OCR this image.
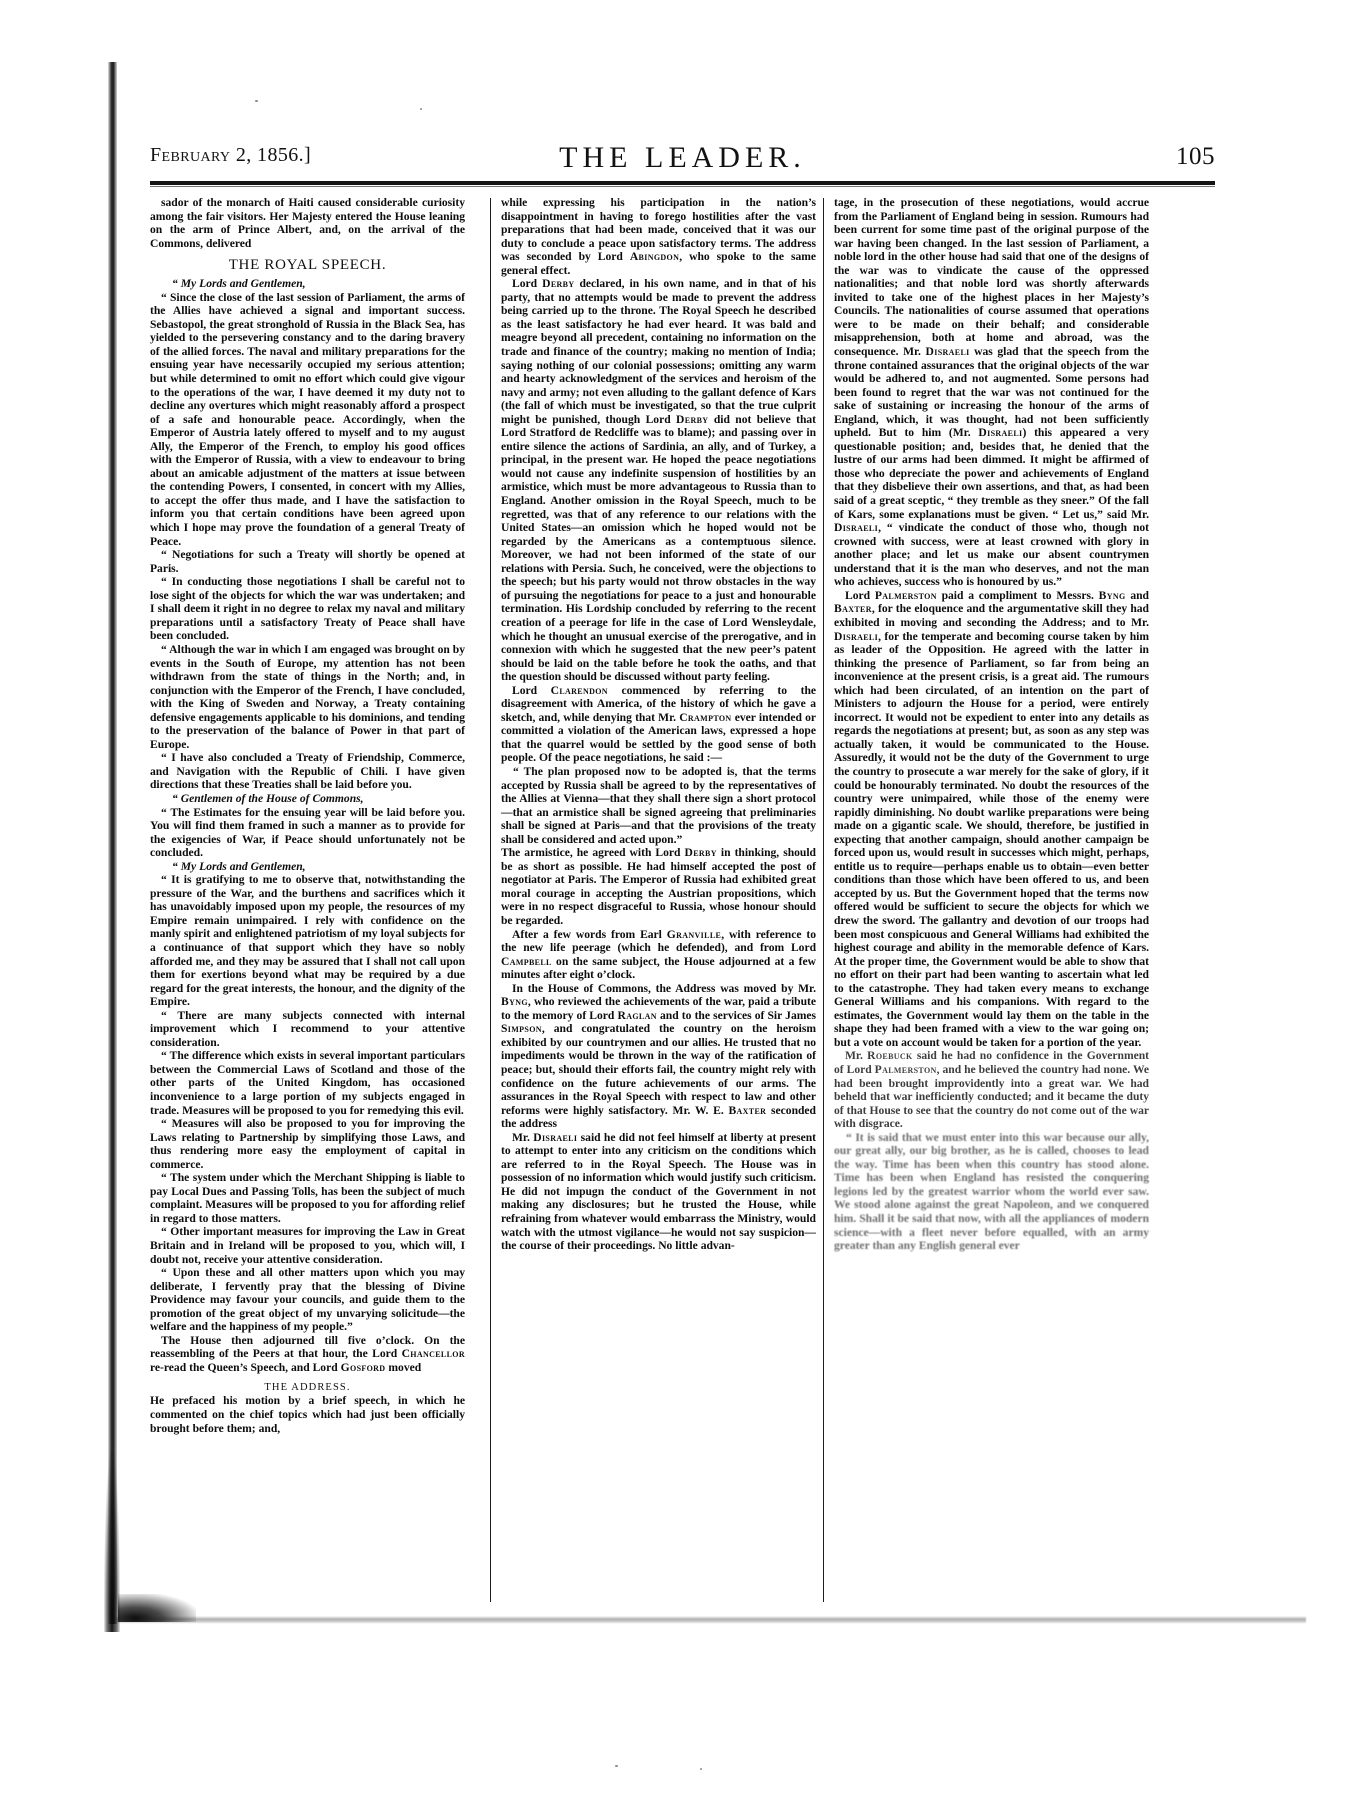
February 2, 1856.]	THE LEADER.	105

sador of the monarch of Haiti caused considerable curiosity among the fair visitors. Her Majesty entered the House leaning on the arm of Prince Albert, and, on the arrival of the Commons, delivered

THE ROYAL SPEECH.

“ My Lords and Gentlemen,

“ Since the close of the last session of Parliament, the arms of the Allies have achieved a signal and important success. Sebastopol, the great stronghold of Russia in the Black Sea, has yielded to the persevering constancy and to the daring bravery of the allied forces. The naval and military preparations for the ensuing year have necessarily occupied my serious attention; but while determined to omit no effort which could give vigour to the operations of the war, I have deemed it my duty not to decline any overtures which might reasonably afford a prospect of a safe and honourable peace. Accordingly, when the Emperor of Austria lately offered to myself and to my august Ally, the Emperor of the French, to employ his good offices with the Emperor of Russia, with a view to endeavour to bring about an amicable adjustment of the matters at issue between the contending Powers, I consented, in concert with my Allies, to accept the offer thus made, and I have the satisfaction to inform you that certain conditions have been agreed upon which I hope may prove the foundation of a general Treaty of Peace.

“ Negotiations for such a Treaty will shortly be opened at Paris.

“ In conducting those negotiations I shall be careful not to lose sight of the objects for which the war was undertaken; and I shall deem it right in no degree to relax my naval and military preparations until a satisfactory Treaty of Peace shall have been concluded.

“ Although the war in which I am engaged was brought on by events in the South of Europe, my attention has not been withdrawn from the state of things in the North; and, in conjunction with the Emperor of the French, I have concluded, with the King of Sweden and Norway, a Treaty containing defensive engagements applicable to his dominions, and tending to the preservation of the balance of Power in that part of Europe.

“ I have also concluded a Treaty of Friendship, Commerce, and Navigation with the Republic of Chili. I have given directions that these Treaties shall be laid before you.

“ Gentlemen of the House of Commons,

“ The Estimates for the ensuing year will be laid before you. You will find them framed in such a manner as to provide for the exigencies of War, if Peace should unfortunately not be concluded.

“ My Lords and Gentlemen,

“ It is gratifying to me to observe that, notwithstanding the pressure of the War, and the burthens and sacrifices which it has unavoidably imposed upon my people, the resources of my Empire remain unimpaired. I rely with confidence on the manly spirit and enlightened patriotism of my loyal subjects for a continuance of that support which they have so nobly afforded me, and they may be assured that I shall not call upon them for exertions beyond what may be required by a due regard for the great interests, the honour, and the dignity of the Empire.

“ There are many subjects connected with internal improvement which I recommend to your attentive consideration.

“ The difference which exists in several important particulars between the Commercial Laws of Scotland and those of the other parts of the United Kingdom, has occasioned inconvenience to a large portion of my subjects engaged in trade. Measures will be proposed to you for remedying this evil.

“ Measures will also be proposed to you for improving the Laws relating to Partnership by simplifying those Laws, and thus rendering more easy the employment of capital in commerce.

“ The system under which the Merchant Shipping is liable to pay Local Dues and Passing Tolls, has been the subject of much complaint. Measures will be proposed to you for affording relief in regard to those matters.

“ Other important measures for improving the Law in Great Britain and in Ireland will be proposed to you, which will, I doubt not, receive your attentive consideration.

“ Upon these and all other matters upon which you may deliberate, I fervently pray that the blessing of Divine Providence may favour your councils, and guide them to the promotion of the great object of my unvarying solicitude—the welfare and the happiness of my people.”

The House then adjourned till five o’clock. On the reassembling of the Peers at that hour, the Lord Chancellor re-read the Queen’s Speech, and Lord Gosford moved

THE ADDRESS.

He prefaced his motion by a brief speech, in which he commented on the chief topics which had just been officially brought before them; and,

while expressing his participation in the nation’s disappointment in having to forego hostilities after the vast preparations that had been made, conceived that it was our duty to conclude a peace upon satisfactory terms. The address was seconded by Lord Abingdon, who spoke to the same general effect.

Lord Derby declared, in his own name, and in that of his party, that no attempts would be made to prevent the address being carried up to the throne. The Royal Speech he described as the least satisfactory he had ever heard. It was bald and meagre beyond all precedent, containing no information on the trade and finance of the country; making no mention of India; saying nothing of our colonial possessions; omitting any warm and hearty acknowledgment of the services and heroism of the navy and army; not even alluding to the gallant defence of Kars (the fall of which must be investigated, so that the true culprit might be punished, though Lord Derby did not believe that Lord Stratford de Redcliffe was to blame); and passing over in entire silence the actions of Sardinia, an ally, and of Turkey, a principal, in the present war. He hoped the peace negotiations would not cause any indefinite suspension of hostilities by an armistice, which must be more advantageous to Russia than to England. Another omission in the Royal Speech, much to be regretted, was that of any reference to our relations with the United States—an omission which he hoped would not be regarded by the Americans as a contemptuous silence. Moreover, we had not been informed of the state of our relations with Persia. Such, he conceived, were the objections to the speech; but his party would not throw obstacles in the way of pursuing the negotiations for peace to a just and honourable termination. His Lordship concluded by referring to the recent creation of a peerage for life in the case of Lord Wensleydale, which he thought an unusual exercise of the prerogative, and in connexion with which he suggested that the new peer’s patent should be laid on the table before he took the oaths, and that the question should be discussed without party feeling.

Lord Clarendon commenced by referring to the disagreement with America, of the history of which he gave a sketch, and, while denying that Mr. Crampton ever intended or committed a violation of the American laws, expressed a hope that the quarrel would be settled by the good sense of both people. Of the peace negotiations, he said :—

“ The plan proposed now to be adopted is, that the terms accepted by Russia shall be agreed to by the representatives of the Allies at Vienna—that they shall there sign a short protocol—that an armistice shall be signed agreeing that preliminaries shall be signed at Paris—and that the provisions of the treaty shall be considered and acted upon.”

The armistice, he agreed with Lord Derby in thinking, should be as short as possible. He had himself accepted the post of negotiator at Paris. The Emperor of Russia had exhibited great moral courage in accepting the Austrian propositions, which were in no respect disgraceful to Russia, whose honour should be regarded.

After a few words from Earl Granville, with reference to the new life peerage (which he defended), and from Lord Campbell on the same subject, the House adjourned at a few minutes after eight o’clock.

In the House of Commons, the Address was moved by Mr. Byng, who reviewed the achievements of the war, paid a tribute to the memory of Lord Raglan and to the services of Sir James Simpson, and congratulated the country on the heroism exhibited by our countrymen and our allies. He trusted that no impediments would be thrown in the way of the ratification of peace; but, should their efforts fail, the country might rely with confidence on the future achievements of our arms. The assurances in the Royal Speech with respect to law and other reforms were highly satisfactory. Mr. W. E. Baxter seconded the address

Mr. Disraeli said he did not feel himself at liberty at present to attempt to enter into any criticism on the conditions which are referred to in the Royal Speech. The House was in possession of no information which would justify such criticism. He did not impugn the conduct of the Government in not making any disclosures; but he trusted the House, while refraining from whatever would embarrass the Ministry, would watch with the utmost vigilance—he would not say suspicion—the course of their proceedings. No little advan-

tage, in the prosecution of these negotiations, would accrue from the Parliament of England being in session. Rumours had been current for some time past of the original purpose of the war having been changed. In the last session of Parliament, a noble lord in the other house had said that one of the designs of the war was to vindicate the cause of the oppressed nationalities; and that noble lord was shortly afterwards invited to take one of the highest places in her Majesty’s Councils. The nationalities of course assumed that operations were to be made on their behalf; and considerable misapprehension, both at home and abroad, was the consequence. Mr. Disraeli was glad that the speech from the throne contained assurances that the original objects of the war would be adhered to, and not augmented. Some persons had been found to regret that the war was not continued for the sake of sustaining or increasing the honour of the arms of England, which, it was thought, had not been sufficiently upheld. But to him (Mr. Disraeli) this appeared a very questionable position; and, besides that, he denied that the lustre of our arms had been dimmed. It might be affirmed of those who depreciate the power and achievements of England that they disbelieve their own assertions, and that, as had been said of a great sceptic, “ they tremble as they sneer.” Of the fall of Kars, some explanations must be given. “ Let us,” said Mr. Disraeli, “ vindicate the conduct of those who, though not crowned with success, were at least crowned with glory in another place; and let us make our absent countrymen understand that it is the man who deserves, and not the man who achieves, success who is honoured by us.”

Lord Palmerston paid a compliment to Messrs. Byng and Baxter, for the eloquence and the argumentative skill they had exhibited in moving and seconding the Address; and to Mr. Disraeli, for the temperate and becoming course taken by him as leader of the Opposition. He agreed with the latter in thinking the presence of Parliament, so far from being an inconvenience at the present crisis, is a great aid. The rumours which had been circulated, of an intention on the part of Ministers to adjourn the House for a period, were entirely incorrect. It would not be expedient to enter into any details as regards the negotiations at present; but, as soon as any step was actually taken, it would be communicated to the House. Assuredly, it would not be the duty of the Government to urge the country to prosecute a war merely for the sake of glory, if it could be honourably terminated. No doubt the resources of the country were unimpaired, while those of the enemy were rapidly diminishing. No doubt warlike preparations were being made on a gigantic scale. We should, therefore, be justified in expecting that another campaign, should another campaign be forced upon us, would result in successes which might, perhaps, entitle us to require—perhaps enable us to obtain—even better conditions than those which have been offered to us, and been accepted by us. But the Government hoped that the terms now offered would be sufficient to secure the objects for which we drew the sword. The gallantry and devotion of our troops had been most conspicuous and General Williams had exhibited the highest courage and ability in the memorable defence of Kars. At the proper time, the Government would be able to show that no effort on their part had been wanting to ascertain what led to the catastrophe. They had taken every means to exchange General Williams and his companions. With regard to the estimates, the Government would lay them on the table in the shape they had been framed with a view to the war going on; but a vote on account would be taken for a portion of the year.

Mr. Roebuck said he had no confidence in the Government of Lord Palmerston, and he believed the country had none. We had been brought improvidently into a great war. We had beheld that war inefficiently conducted; and it became the duty of that House to see that the country do not come out of the war with disgrace.

“ It is said that we must enter into this war because our ally, our great ally, our big brother, as he is called, chooses to lead the way. Time has been when this country has stood alone. Time has been when England has resisted the conquering legions led by the greatest warrior whom the world ever saw. We stood alone against the great Napoleon, and we conquered him. Shall it be said that now, with all the appliances of modern science—with a fleet never before equalled, with an army greater than any English general ever
